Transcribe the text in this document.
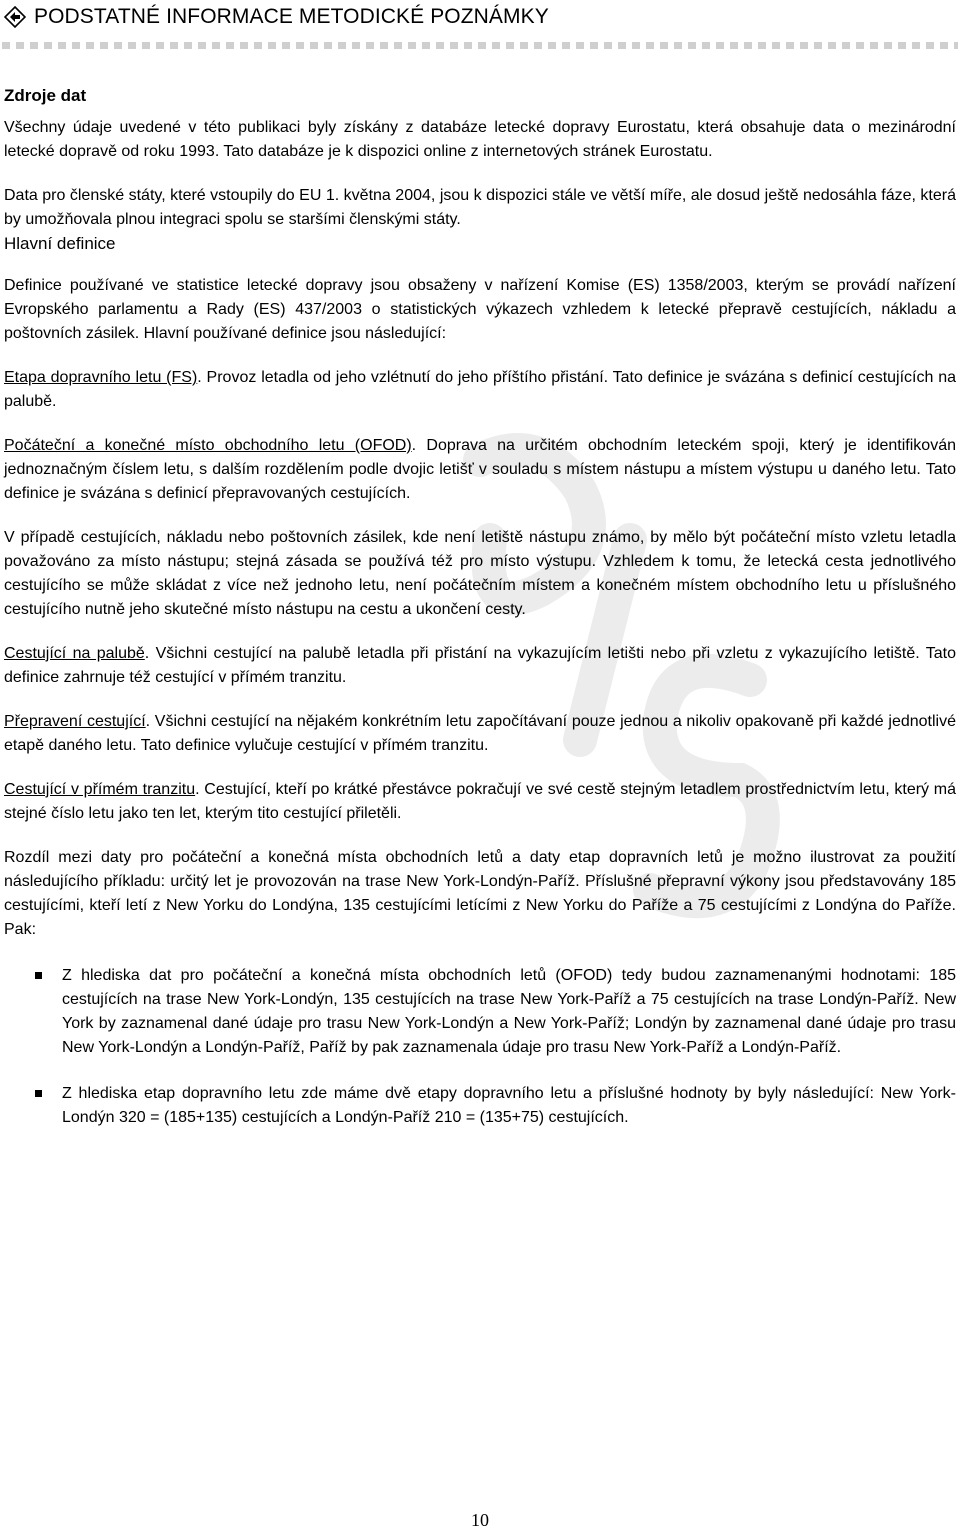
PODSTATNÉ INFORMACE METODICKÉ POZNÁMKY
Zdroje dat

Všechny údaje uvedené v této publikaci byly získány z databáze letecké dopravy Eurostatu, která obsahuje data o mezinárodní letecké dopravě od roku 1993. Tato databáze je k dispozici online z internetových stránek Eurostatu.

Data pro členské státy, které vstoupily do EU 1. května 2004, jsou k dispozici stále ve větší míře, ale dosud ještě nedosáhla fáze, která by umožňovala plnou integraci spolu se staršími členskými státy.

Hlavní definice

Definice používané ve statistice letecké dopravy jsou obsaženy v nařízení Komise (ES) 1358/2003, kterým se provádí nařízení Evropského parlamentu a Rady (ES) 437/2003 o statistických výkazech vzhledem k letecké přepravě cestujících, nákladu a poštovních zásilek. Hlavní používané definice jsou následující:

Etapa dopravního letu (FS). Provoz letadla od jeho vzlétnutí do jeho příštího přistání. Tato definice je svázána s definicí cestujících na palubě.

Počáteční a konečné místo obchodního letu (OFOD). Doprava na určitém obchodním leteckém spoji, který je identifikován jednoznačným číslem letu, s dalším rozdělením podle dvojic letišť v souladu s místem nástupu a místem výstupu u daného letu. Tato definice je svázána s definicí přepravovaných cestujících.

V případě cestujících, nákladu nebo poštovních zásilek, kde není letiště nástupu známo, by mělo být počáteční místo vzletu letadla považováno za místo nástupu; stejná zásada se používá též pro místo výstupu. Vzhledem k tomu, že letecká cesta jednotlivého cestujícího se může skládat z více než jednoho letu, není počátečním místem a konečném místem obchodního letu u příslušného cestujícího nutně jeho skutečné místo nástupu na cestu a ukončení cesty.

Cestující na palubě. Všichni cestující na palubě letadla při přistání na vykazujícím letišti nebo při vzletu z vykazujícího letiště. Tato definice zahrnuje též cestující v přímém tranzitu.

Přepravení cestující. Všichni cestující na nějakém konkrétním letu započítávaní pouze jednou a nikoliv opakovaně při každé jednotlivé etapě daného letu. Tato definice vylučuje cestující v přímém tranzitu.

Cestující v přímém tranzitu. Cestující, kteří po krátké přestávce pokračují ve své cestě stejným letadlem prostřednictvím letu, který má stejné číslo letu jako ten let, kterým tito cestující přiletěli.

Rozdíl mezi daty pro počáteční a konečná místa obchodních letů a daty etap dopravních letů je možno ilustrovat za použití následujícího příkladu: určitý let je provozován na trase New York-Londýn-Paříž. Příslušné přepravní výkony jsou představovány 185 cestujícími, kteří letí z New Yorku do Londýna, 135 cestujícími letícími z New Yorku do Paříže a 75 cestujícími z Londýna do Paříže. Pak:

Z hlediska dat pro počáteční a konečná místa obchodních letů (OFOD) tedy budou zaznamenanými hodnotami: 185 cestujících na trase New York-Londýn, 135 cestujících na trase New York-Paříž a 75 cestujících na trase Londýn-Paříž. New York by zaznamenal dané údaje pro trasu New York-Londýn a New York-Paříž; Londýn by zaznamenal dané údaje pro trasu New York-Londýn a Londýn-Paříž, Paříž by pak zaznamenala údaje pro trasu New York-Paříž a Londýn-Paříž.
Z hlediska etap dopravního letu zde máme dvě etapy dopravního letu a příslušné hodnoty by byly následující: New York-Londýn 320 = (185+135) cestujících a Londýn-Paříž 210 = (135+75) cestujících.
10
